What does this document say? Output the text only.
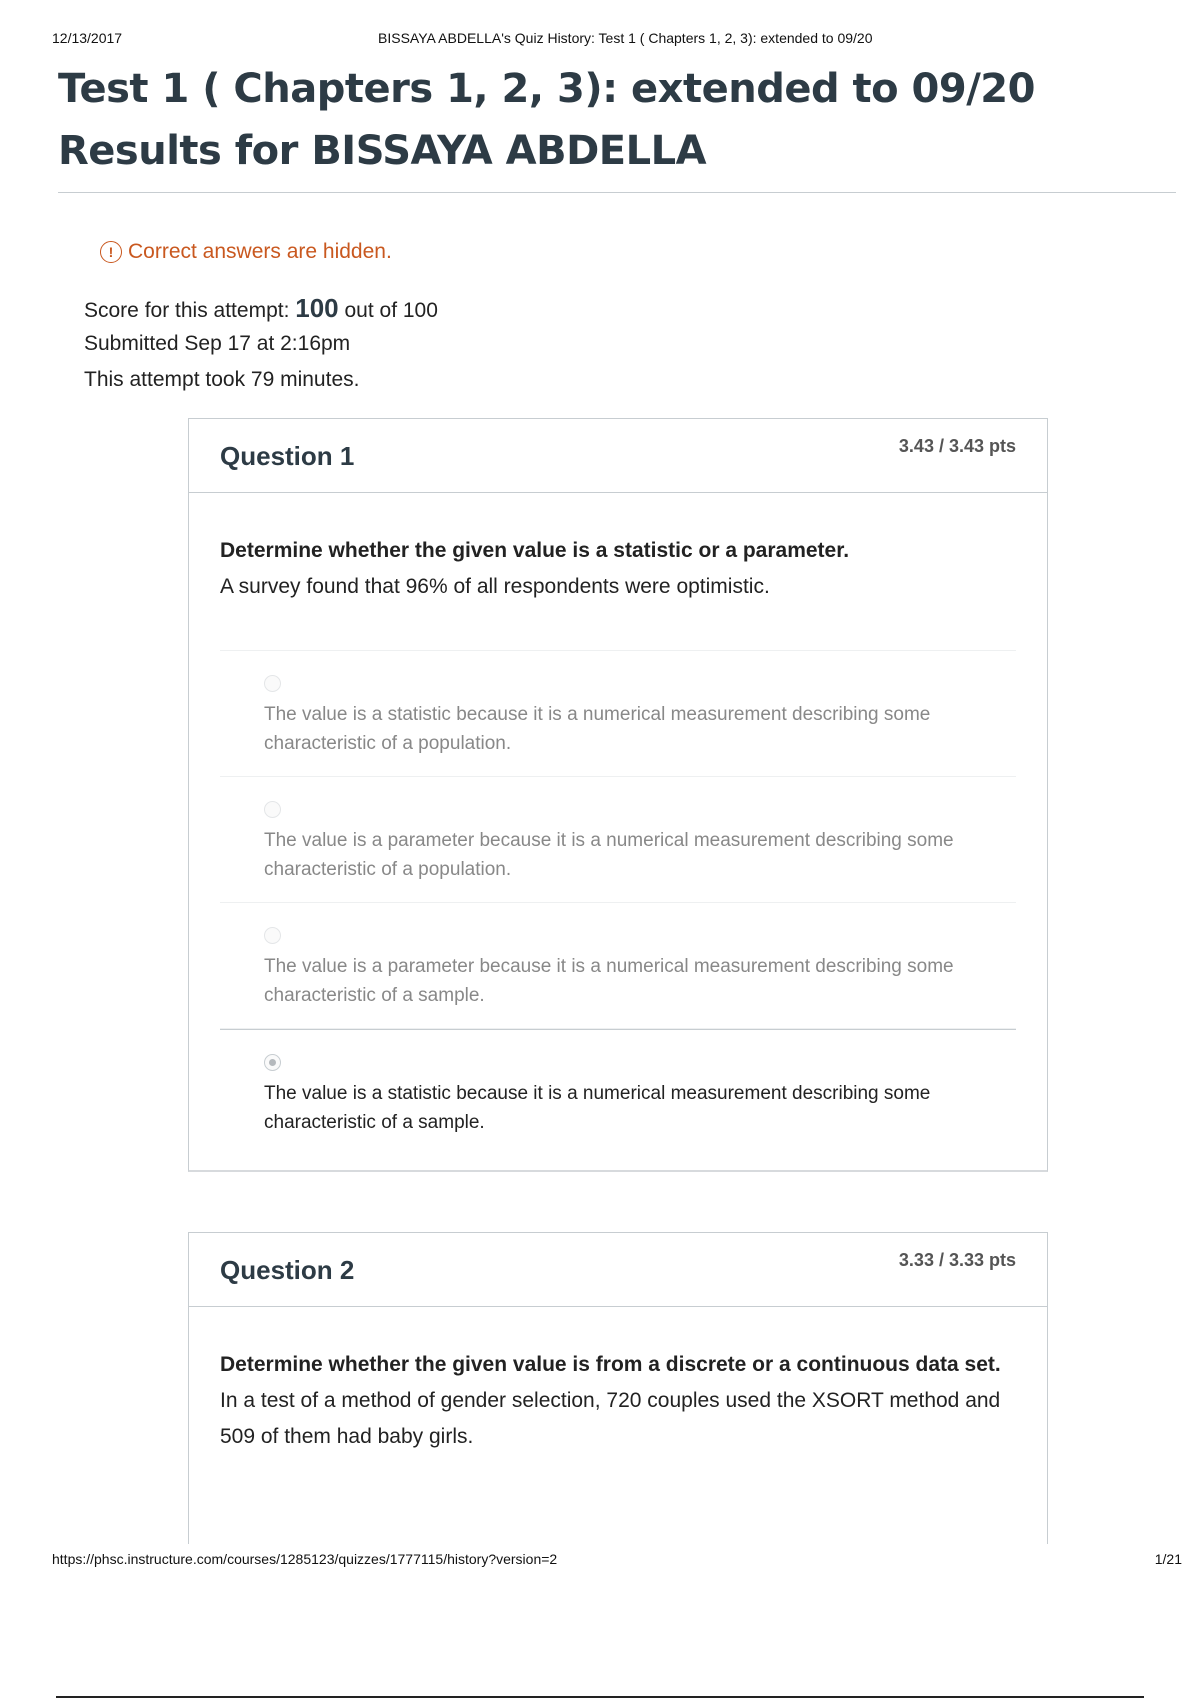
12/13/2017	BISSAYA ABDELLA's Quiz History: Test 1 ( Chapters 1, 2, 3): extended to 09/20
Test 1 ( Chapters 1, 2, 3): extended to 09/20 Results for BISSAYA ABDELLA
! Correct answers are hidden.
Score for this attempt: 100 out of 100
Submitted Sep 17 at 2:16pm
This attempt took 79 minutes.
Question 1	3.43 / 3.43 pts
Determine whether the given value is a statistic or a parameter.
A survey found that 96% of all respondents were optimistic.
The value is a statistic because it is a numerical measurement describing some characteristic of a population.
The value is a parameter because it is a numerical measurement describing some characteristic of a population.
The value is a parameter because it is a numerical measurement describing some characteristic of a sample.
The value is a statistic because it is a numerical measurement describing some characteristic of a sample.
Question 2	3.33 / 3.33 pts
Determine whether the given value is from a discrete or a continuous data set.
In a test of a method of gender selection, 720 couples used the XSORT method and 509 of them had baby girls.
https://phsc.instructure.com/courses/1285123/quizzes/1777115/history?version=2	1/21
